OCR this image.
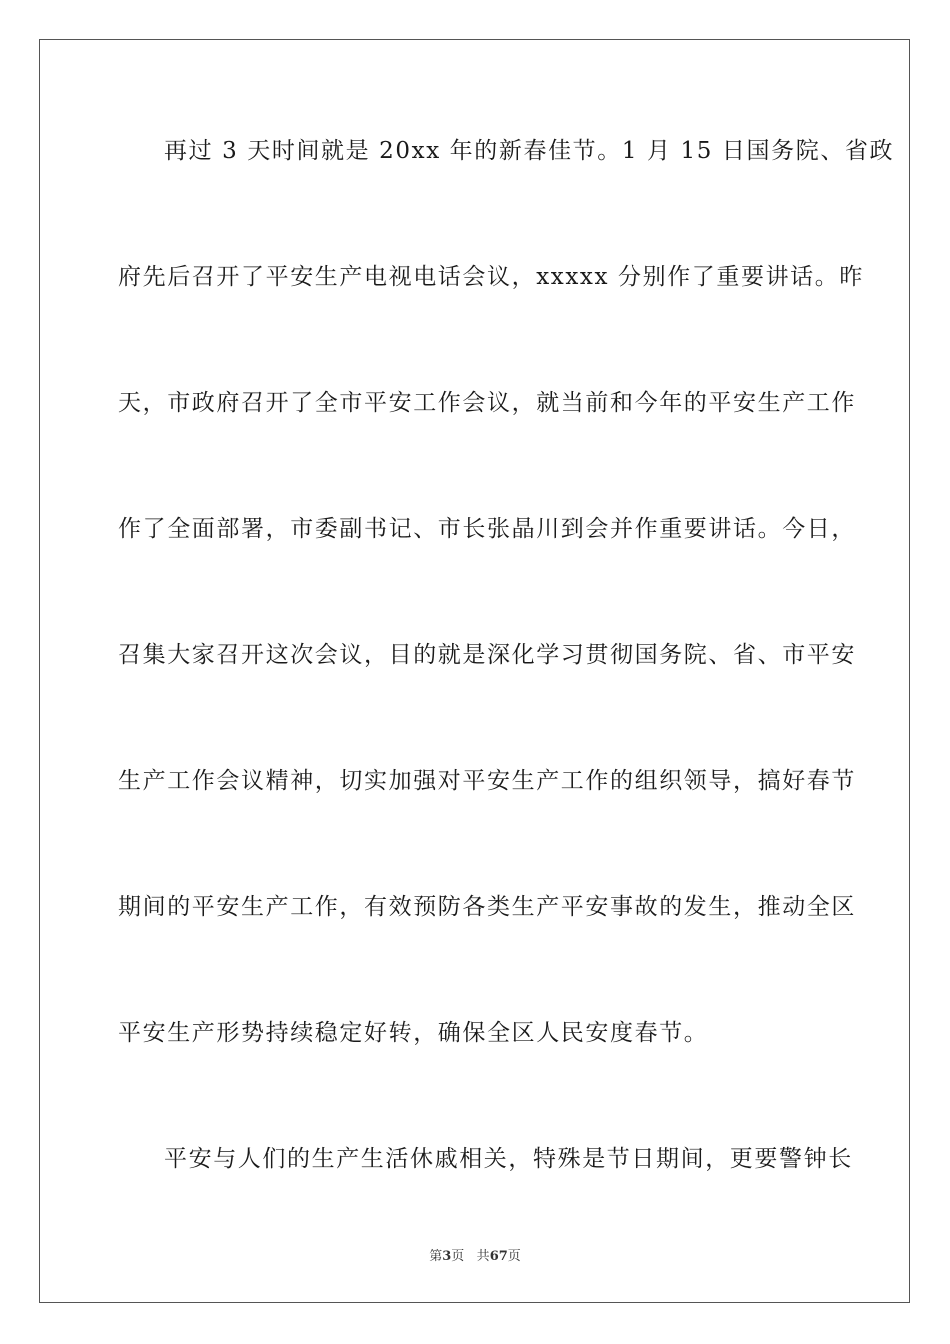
再过 3 天时间就是 20xx 年的新春佳节。1 月 15 日国务院、省政
府先后召开了平安生产电视电话会议，xxxxx 分别作了重要讲话。昨
天，市政府召开了全市平安工作会议，就当前和今年的平安生产工作
作了全面部署，市委副书记、市长张晶川到会并作重要讲话。今日，
召集大家召开这次会议，目的就是深化学习贯彻国务院、省、市平安
生产工作会议精神，切实加强对平安生产工作的组织领导，搞好春节
期间的平安生产工作，有效预防各类生产平安事故的发生，推动全区
平安生产形势持续稳定好转，确保全区人民安度春节。
平安与人们的生产生活休戚相关，特殊是节日期间，更要警钟长
第3页 共67页
